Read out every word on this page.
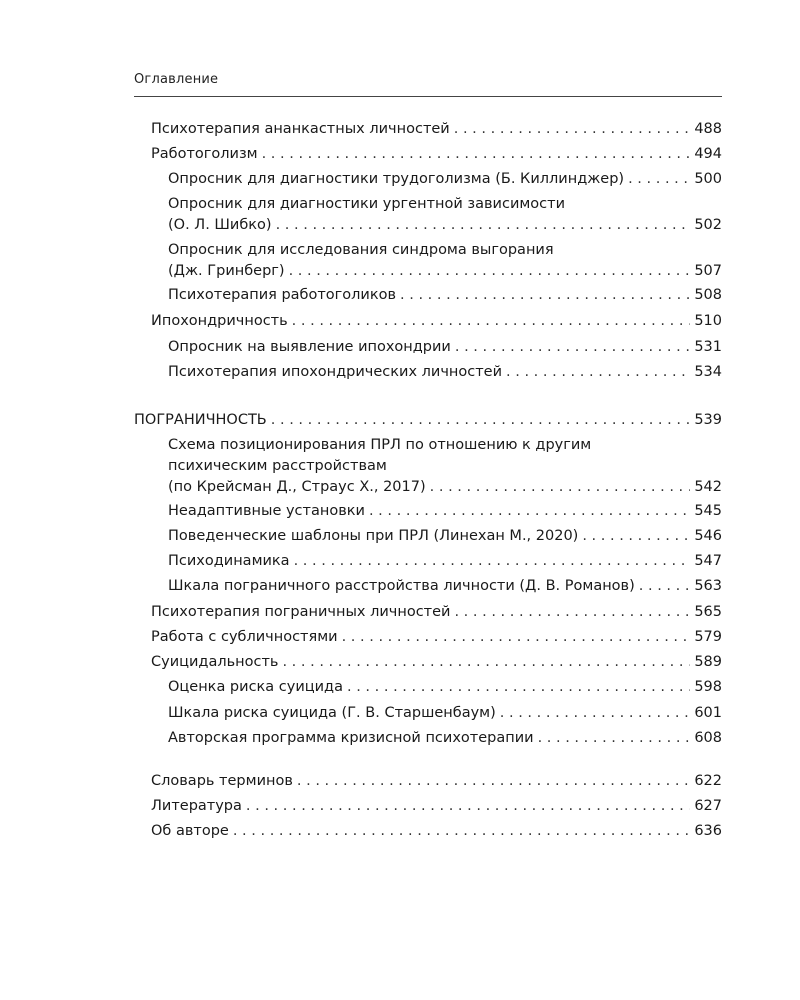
Оглавление
Психотерапия ананкастных личностей . . .	488
Работоголизм . . .	494
Опросник для диагностики трудоголизма (Б. Киллинджер) . . .	500
Опросник для диагностики ургентной зависимости
(О. Л. Шибко) . . .	502
Опросник для исследования синдрома выгорания
(Дж. Гринберг) . . .	507
Психотерапия работоголиков . . .	508
Ипохондричность . . .	510
Опросник на выявление ипохондрии . . .	531
Психотерапия ипохондрических личностей . . .	534
ПОГРАНИЧНОСТЬ . . .	539
Схема позиционирования ПРЛ по отношению к другим
психическим расстройствам
(по Крейсман Д., Страус Х., 2017) . . .	542
Неадаптивные установки . . .	545
Поведенческие шаблоны при ПРЛ (Линехан М., 2020) . . .	546
Психодинамика . . .	547
Шкала пограничного расстройства личности (Д. В. Романов) . . .	563
Психотерапия пограничных личностей . . .	565
Работа с субличностями . . .	579
Суицидальность . . .	589
Оценка риска суицида . . .	598
Шкала риска суицида (Г. В. Старшенбаум) . . .	601
Авторская программа кризисной психотерапии . . .	608
Словарь терминов . . .	622
Литература . . .	627
Об авторе . . .	636
